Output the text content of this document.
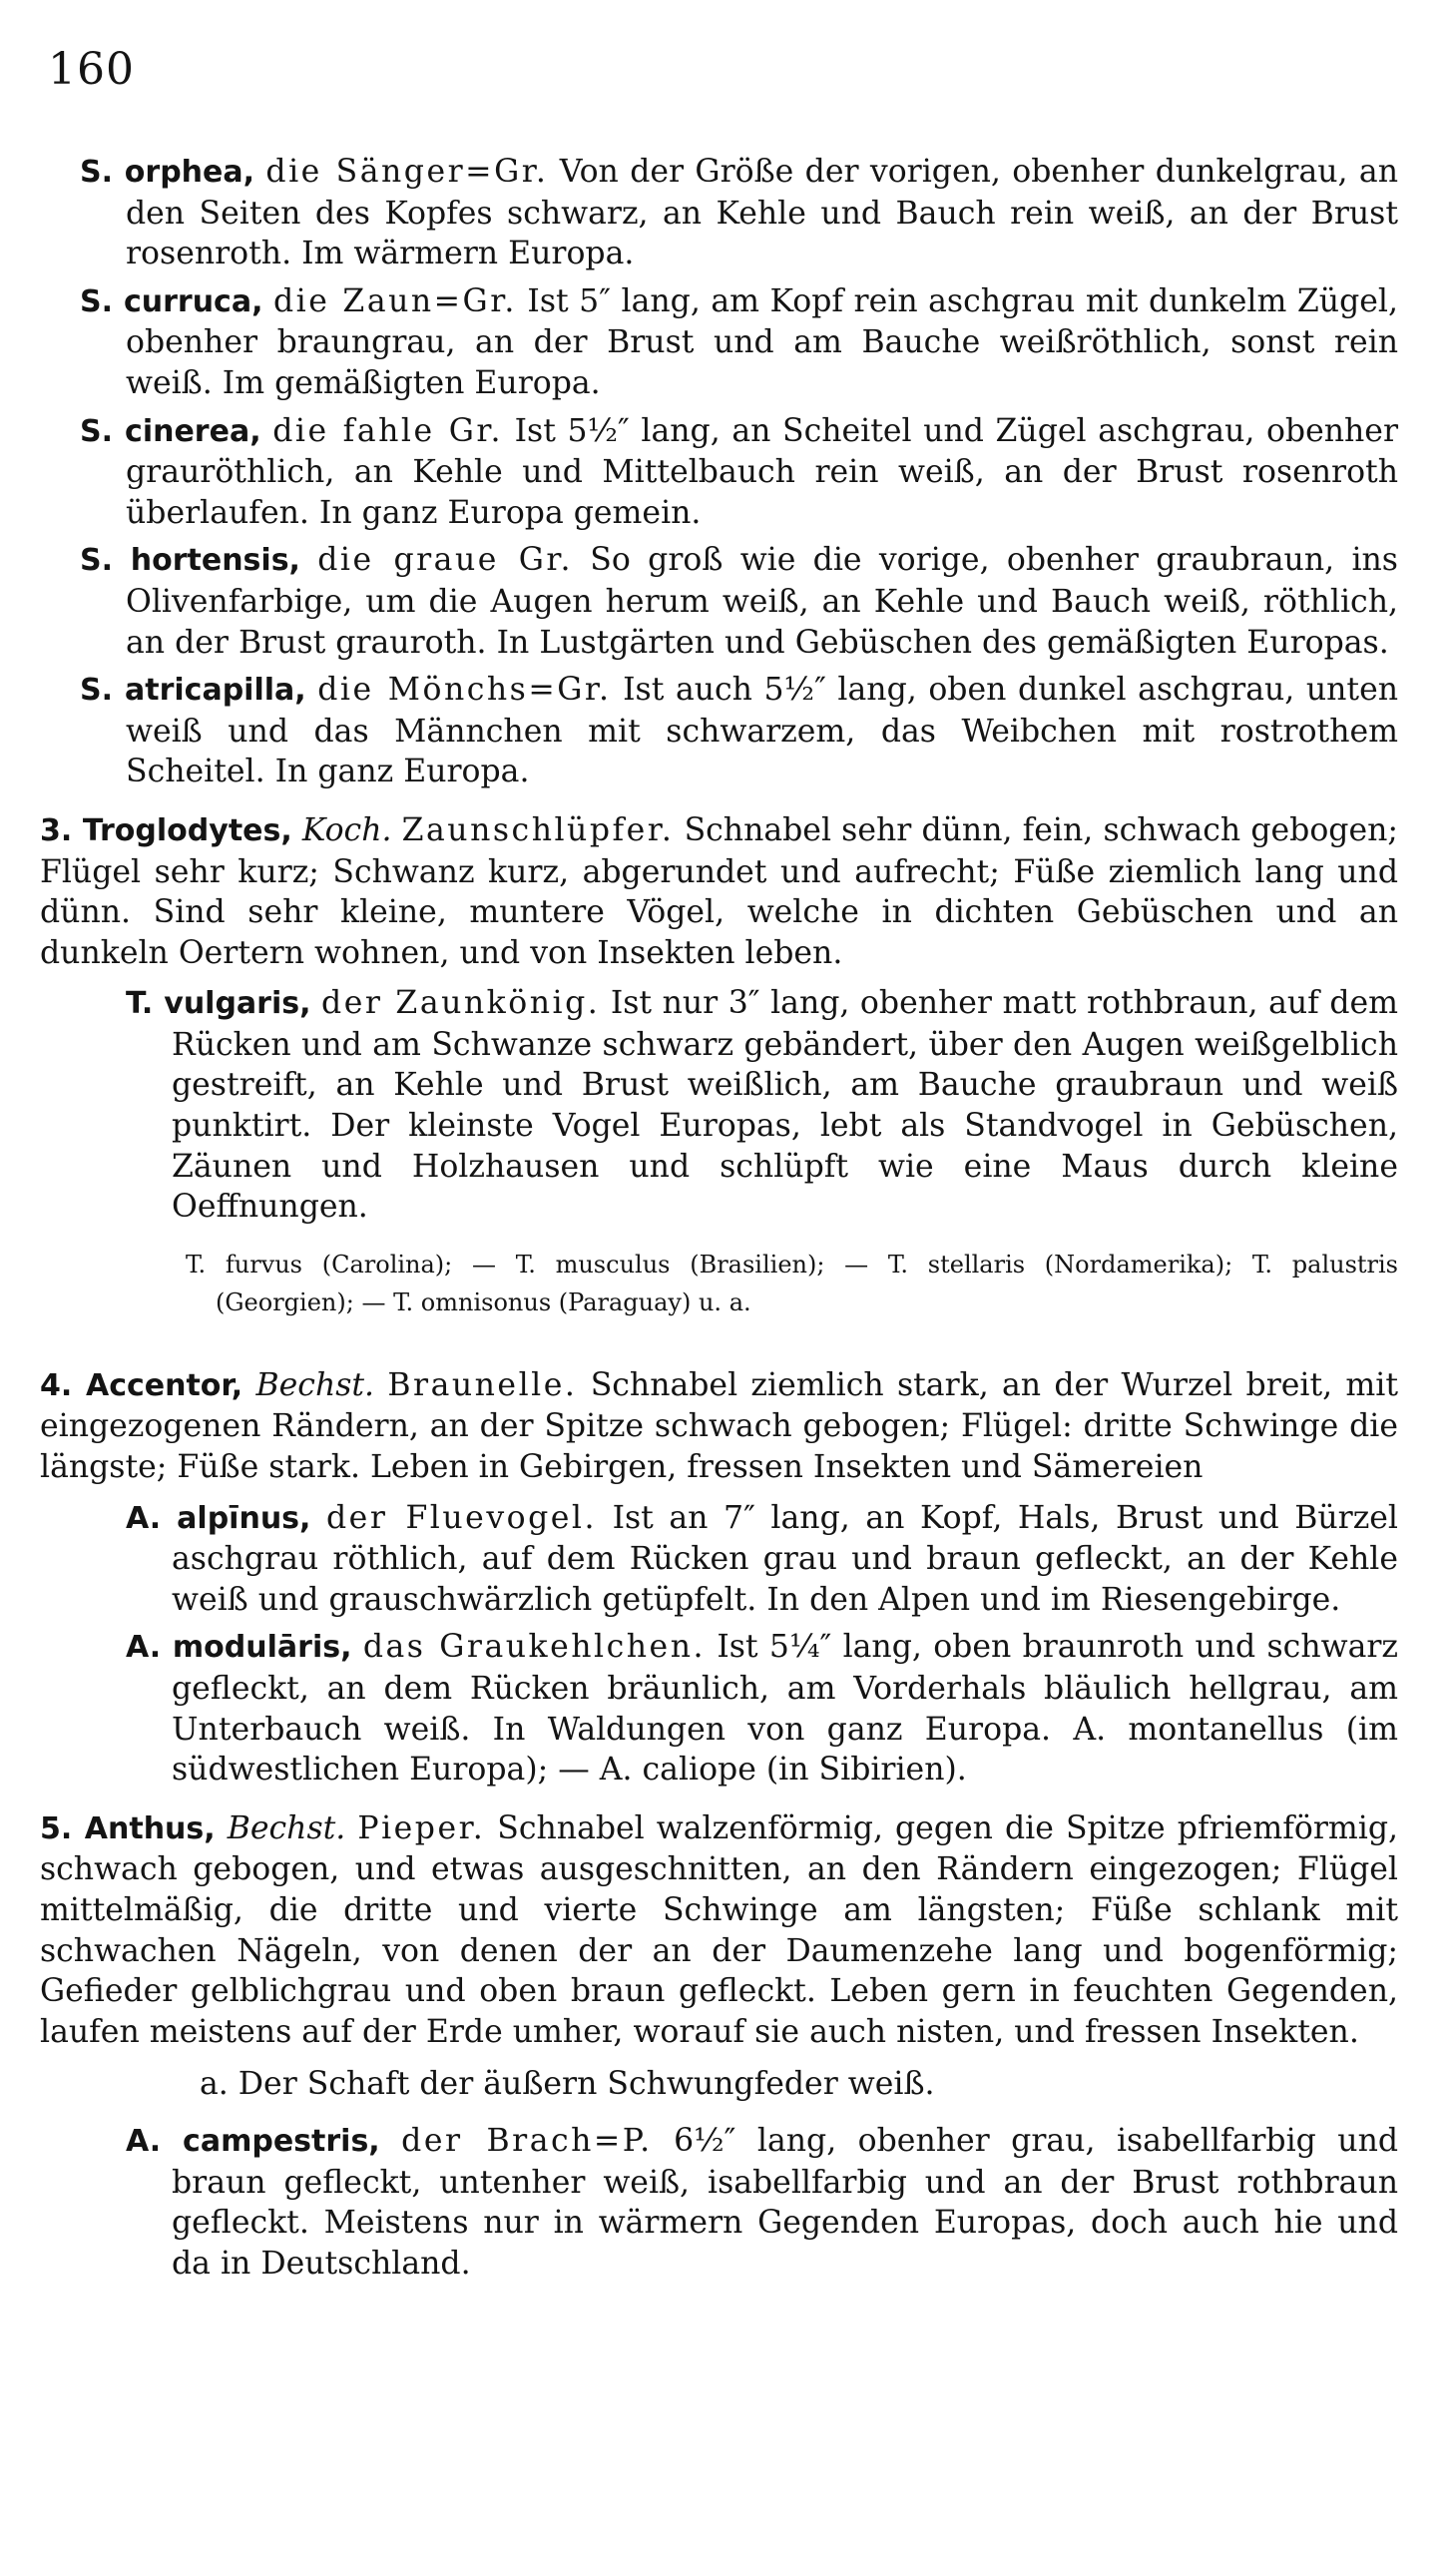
160

S. orphea, die Sänger=Gr. Von der Größe der vorigen, obenher dunkelgrau, an den Seiten des Kopfes schwarz, an Kehle und Bauch rein weiß, an der Brust rosenroth. Im wärmern Europa.

S. curruca, die Zaun=Gr. Ist 5″ lang, am Kopf rein aschgrau mit dunkelm Zügel, obenher braungrau, an der Brust und am Bauche weißröthlich, sonst rein weiß. Im gemäßigten Europa.

S. cinerea, die fahle Gr. Ist 5½″ lang, an Scheitel und Zügel aschgrau, obenher grauröthlich, an Kehle und Mittelbauch rein weiß, an der Brust rosenroth überlaufen. In ganz Europa gemein.

S. hortensis, die graue Gr. So groß wie die vorige, obenher graubraun, ins Olivenfarbige, um die Augen herum weiß, an Kehle und Bauch weiß, röthlich, an der Brust grauroth. In Lustgärten und Gebüschen des gemäßigten Europas.

S. atricapilla, die Mönchs=Gr. Ist auch 5½″ lang, oben dunkel aschgrau, unten weiß und das Männchen mit schwarzem, das Weibchen mit rostrothem Scheitel. In ganz Europa.

3. Troglodytes, Koch. Zaunschlüpfer. Schnabel sehr dünn, fein, schwach gebogen; Flügel sehr kurz; Schwanz kurz, abgerundet und aufrecht; Füße ziemlich lang und dünn. Sind sehr kleine, muntere Vögel, welche in dichten Gebüschen und an dunkeln Oertern wohnen, und von Insekten leben.

T. vulgaris, der Zaunkönig. Ist nur 3″ lang, obenher matt rothbraun, auf dem Rücken und am Schwanze schwarz gebändert, über den Augen weißgelblich gestreift, an Kehle und Brust weißlich, am Bauche graubraun und weiß punktirt. Der kleinste Vogel Europas, lebt als Standvogel in Gebüschen, Zäunen und Holzhausen und schlüpft wie eine Maus durch kleine Oeffnungen.

T. furvus (Carolina); — T. musculus (Brasilien); — T. stellaris (Nordamerika); T. palustris (Georgien); — T. omnisonus (Paraguay) u. a.

4. Accentor, Bechst. Braunelle. Schnabel ziemlich stark, an der Wurzel breit, mit eingezogenen Rändern, an der Spitze schwach gebogen; Flügel: dritte Schwinge die längste; Füße stark. Leben in Gebirgen, fressen Insekten und Sämereien

A. alpīnus, der Fluevogel. Ist an 7″ lang, an Kopf, Hals, Brust und Bürzel aschgrau röthlich, auf dem Rücken grau und braun gefleckt, an der Kehle weiß und grauschwärzlich getüpfelt. In den Alpen und im Riesengebirge.

A. modulāris, das Graukehlchen. Ist 5¼″ lang, oben braunroth und schwarz gefleckt, an dem Rücken bräunlich, am Vorderhals bläulich hellgrau, am Unterbauch weiß. In Waldungen von ganz Europa. A. montanellus (im südwestlichen Europa); — A. caliope (in Sibirien).

5. Anthus, Bechst. Pieper. Schnabel walzenförmig, gegen die Spitze pfriemförmig, schwach gebogen, und etwas ausgeschnitten, an den Rändern eingezogen; Flügel mittelmäßig, die dritte und vierte Schwinge am längsten; Füße schlank mit schwachen Nägeln, von denen der an der Daumenzehe lang und bogenförmig; Gefieder gelblichgrau und oben braun gefleckt. Leben gern in feuchten Gegenden, laufen meistens auf der Erde umher, worauf sie auch nisten, und fressen Insekten.

a. Der Schaft der äußern Schwungfeder weiß.

A. campestris, der Brach=P. 6½″ lang, obenher grau, isabellfarbig und braun gefleckt, untenher weiß, isabellfarbig und an der Brust rothbraun gefleckt. Meistens nur in wärmern Gegenden Europas, doch auch hie und da in Deutschland.
